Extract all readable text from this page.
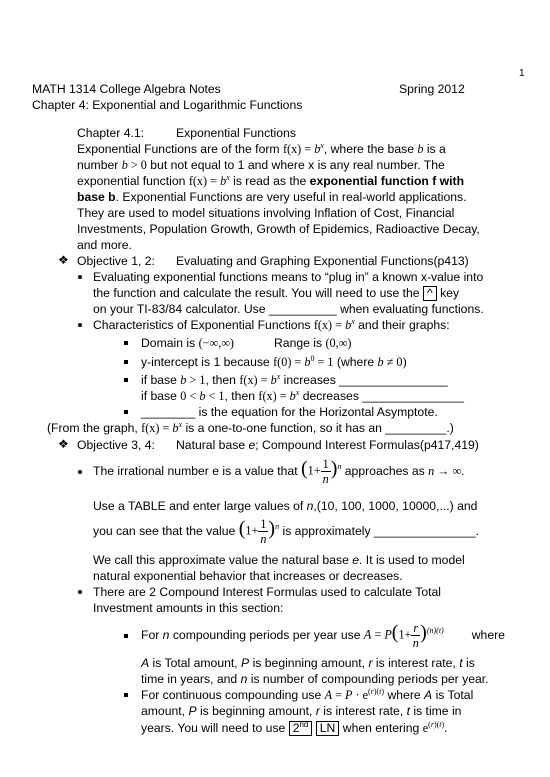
1
MATH 1314 College Algebra Notes	Spring 2012
Chapter 4: Exponential and Logarithmic Functions
Chapter 4.1:	Exponential Functions
Exponential Functions are of the form $f(x) = b^x$, where the base b is a
number b > 0 but not equal to 1 and where x is any real number. The
exponential function $f(x) = b^x$ is read as the exponential function f with
base b. Exponential Functions are very useful in real-world applications.
They are used to model situations involving Inflation of Cost, Financial
Investments, Population Growth, Growth of Epidemics, Radioactive Decay,
and more.
❖ Objective 1, 2: Evaluating and Graphing Exponential Functions(p413)
Evaluating exponential functions means to “plug in” a known x-value into
the function and calculate the result. You will need to use the ^ key
on your TI-83/84 calculator. Use __________ when evaluating functions.
Characteristics of Exponential Functions $f(x) = b^x$ and their graphs:
Domain is (−∞,∞)	Range is (0,∞)
y-intercept is 1 because $f(0) = b^0 = 1$ (where b ≠ 0)
if base b > 1, then $f(x) = b^x$ increases ________________
if base 0 < b < 1, then $f(x) = b^x$ decreases _______________
________ is the equation for the Horizontal Asymptote.
(From the graph, $f(x) = b^x$ is a one-to-one function, so it has an _________.)
❖ Objective 3, 4: Natural base e; Compound Interest Formulas(p417,419)
The irrational number e is a value that $(1+ \frac{1}{n} )^n$ approaches as n → ∞.
Use a TABLE and enter large values of n,(10, 100, 1000, 10000,...) and
you can see that the value $(1+ \frac{1}{n} )^n$ is approximately _______________.
We call this approximate value the natural base e. It is used to model
natural exponential behavior that increases or decreases.
There are 2 Compound Interest Formulas used to calculate Total
Investment amounts in this section:
For n compounding periods per year use $A = P(1+ \frac{r}{n} )^{(n)(t)}$ where
A is Total amount, P is beginning amount, r is interest rate, t is
time in years, and n is number of compounding periods per year.
For continuous compounding use $A = P \cdot e^{(r)(t)}$ where A is Total
amount, P is beginning amount, r is interest rate, t is time in
years. You will need to use 2nd LN when entering $e^{(r)(t)}$.
